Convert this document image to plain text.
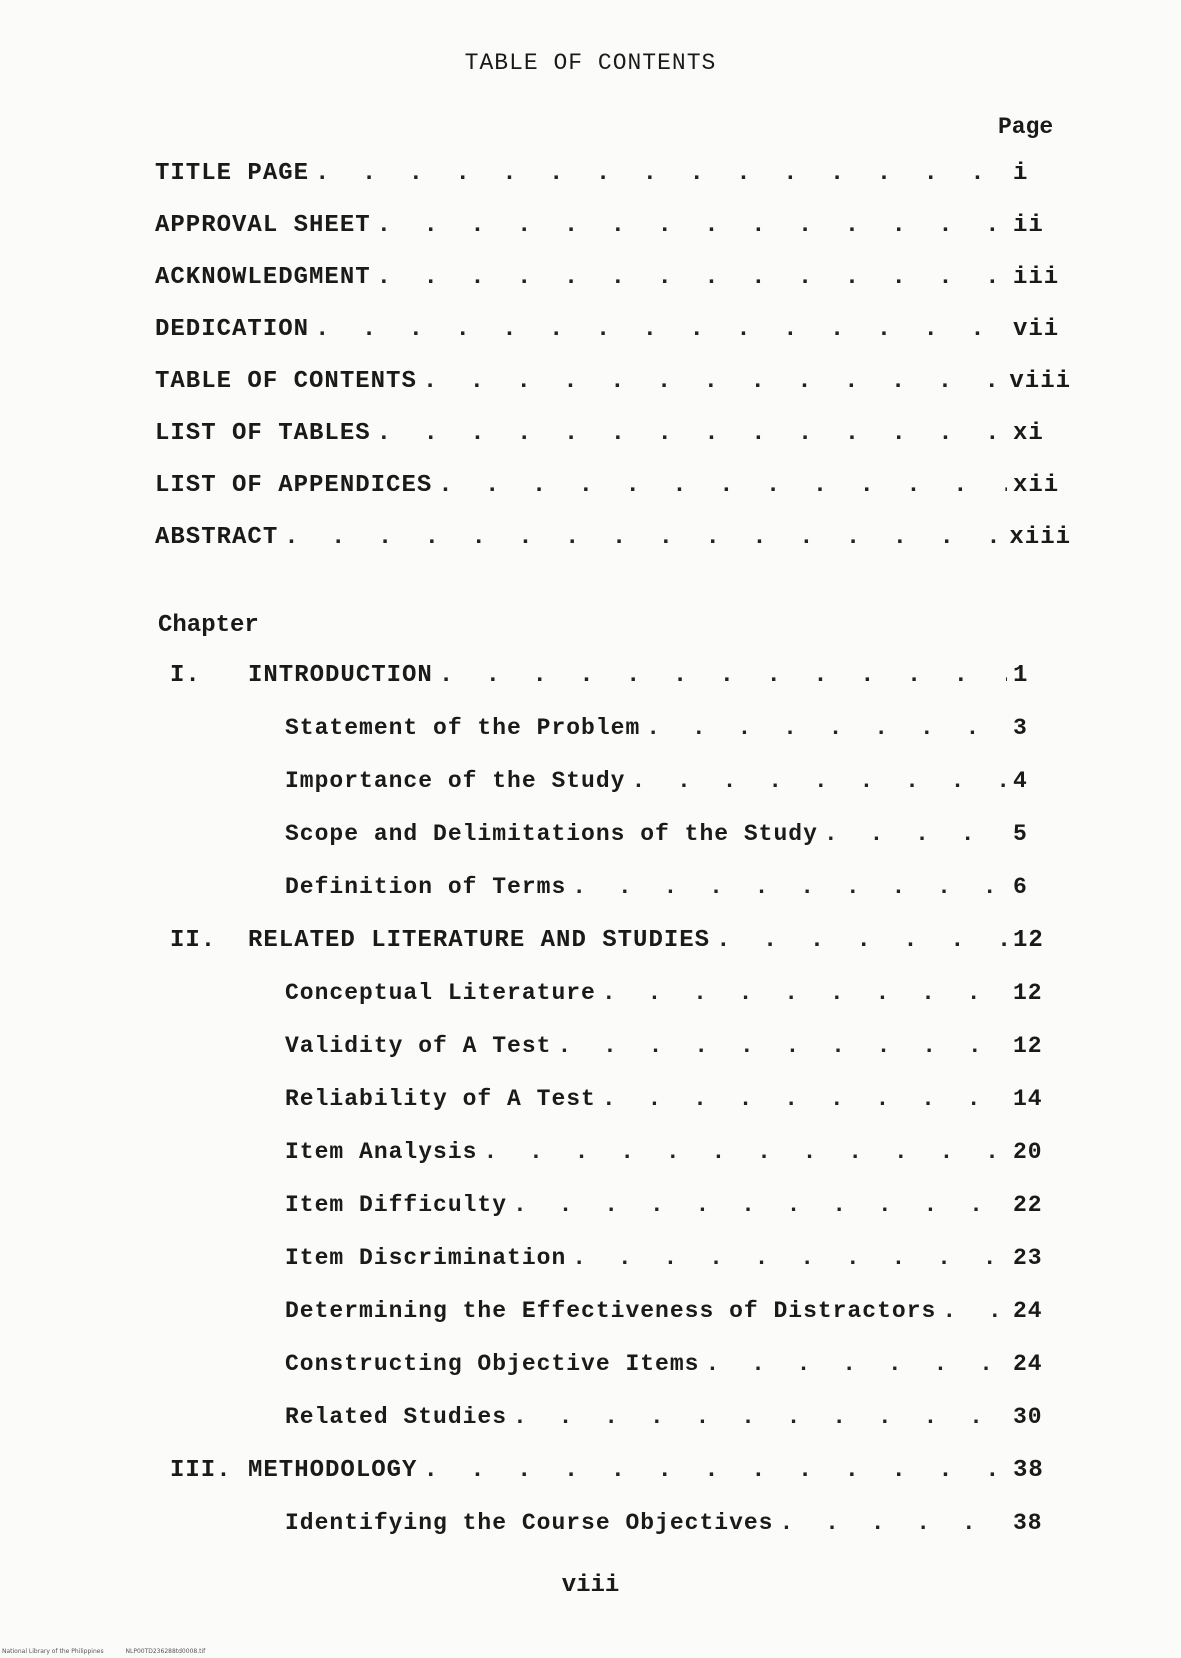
TABLE OF CONTENTS
Page
TITLE PAGE . . .	i
APPROVAL SHEET . . .	ii
ACKNOWLEDGMENT . . .	iii
DEDICATION . . .	vii
TABLE OF CONTENTS . . .	viii
LIST OF TABLES . . .	xi
LIST OF APPENDICES . . .	xii
ABSTRACT . . .	xiii
Chapter
I.	INTRODUCTION . . .	1
Statement of the Problem . . .	3
Importance of the Study . . .	4
Scope and Delimitations of the Study . . .	5
Definition of Terms . . .	6
II.	RELATED LITERATURE AND STUDIES . . .	12
Conceptual Literature . . .	12
Validity of A Test . . .	12
Reliability of A Test . . .	14
Item Analysis . . .	20
Item Difficulty . . .	22
Item Discrimination . . .	23
Determining the Effectiveness of Distractors . . .	24
Constructing Objective Items . . .	24
Related Studies . . .	30
III. METHODOLOGY . . .	38
Identifying the Course Objectives . . .	38
viii
National Library of the Philippines	NLP00TD236288td0008.tif
